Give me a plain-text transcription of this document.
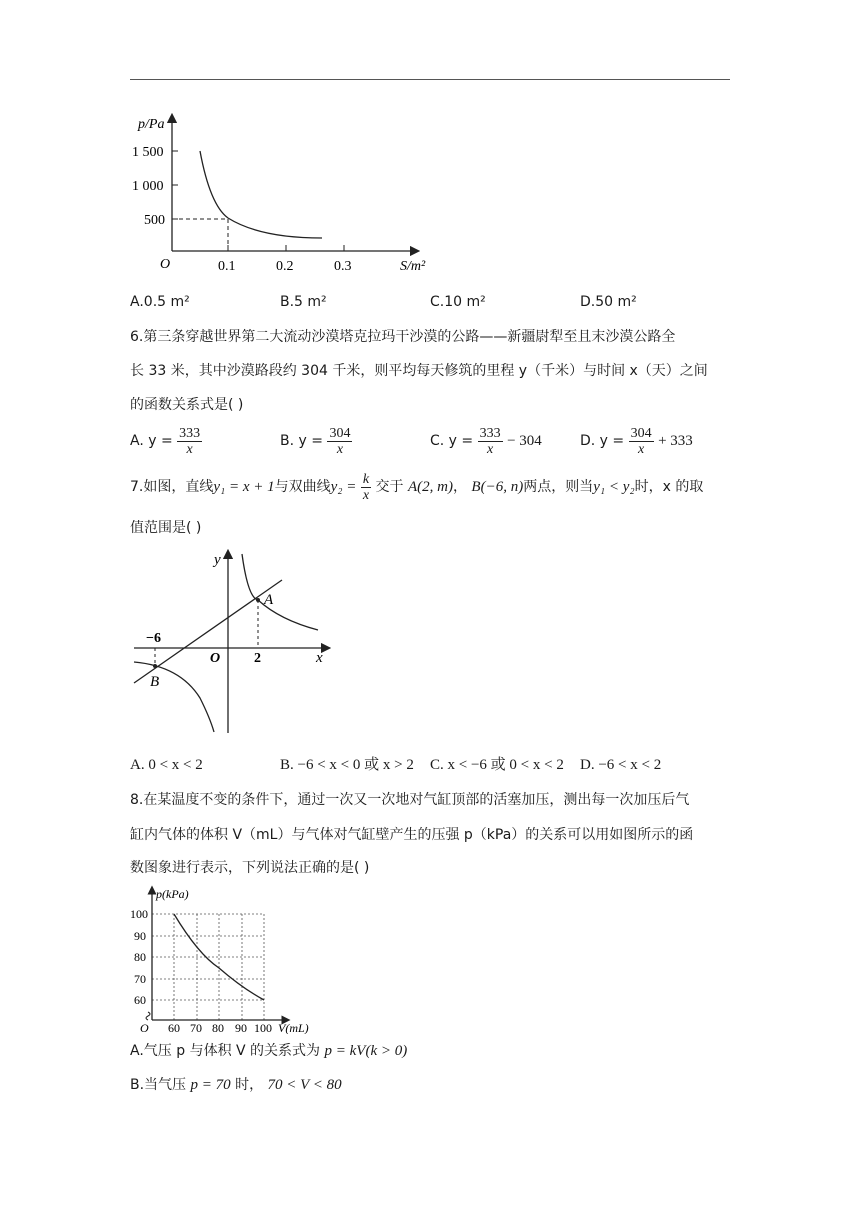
p/Pa
1 500
1 000
500
O	0.1	0.2	0.3	S/m²
A.0.5 m²	B.5 m²	C.10 m²	D.50 m²
6.第三条穿越世界第二大流动沙漠塔克拉玛干沙漠的公路——新疆尉犁至且末沙漠公路全
长 33 米，其中沙漠路段约 304 千米，则平均每天修筑的里程 y（千米）与时间 x（天）之间
的函数关系式是( )
A. $y = \frac{333}{x}$	B. $y = \frac{304}{x}$	C. $y = \frac{333}{x} - 304$	D. $y = \frac{304}{x} + 333$
7.如图，直线y₁ = x + 1与双曲线$y_2 = \frac{k}{x}$ 交于 A(2, m)， B(−6, n)两点，则当y₁ < y₂时，x 的取
值范围是( )
y
x
O
A
B
−6
2
A. 0 < x < 2	B. −6 < x < 0 或 x > 2 C. x < −6 或 0 < x < 2 D. −6 < x < 2
8.在某温度不变的条件下，通过一次又一次地对气缸顶部的活塞加压，测出每一次加压后气
缸内气体的体积 V（mL）与气体对气缸壁产生的压强 p（kPa）的关系可以用如图所示的函
数图象进行表示，下列说法正确的是( )
p(kPa)
100
90
80
70
60
O 60 70 80 90 100 V(mL)
A.气压 p 与体积 V 的关系式为 p = kV(k > 0)
B.当气压 p = 70 时， 70 < V < 80
